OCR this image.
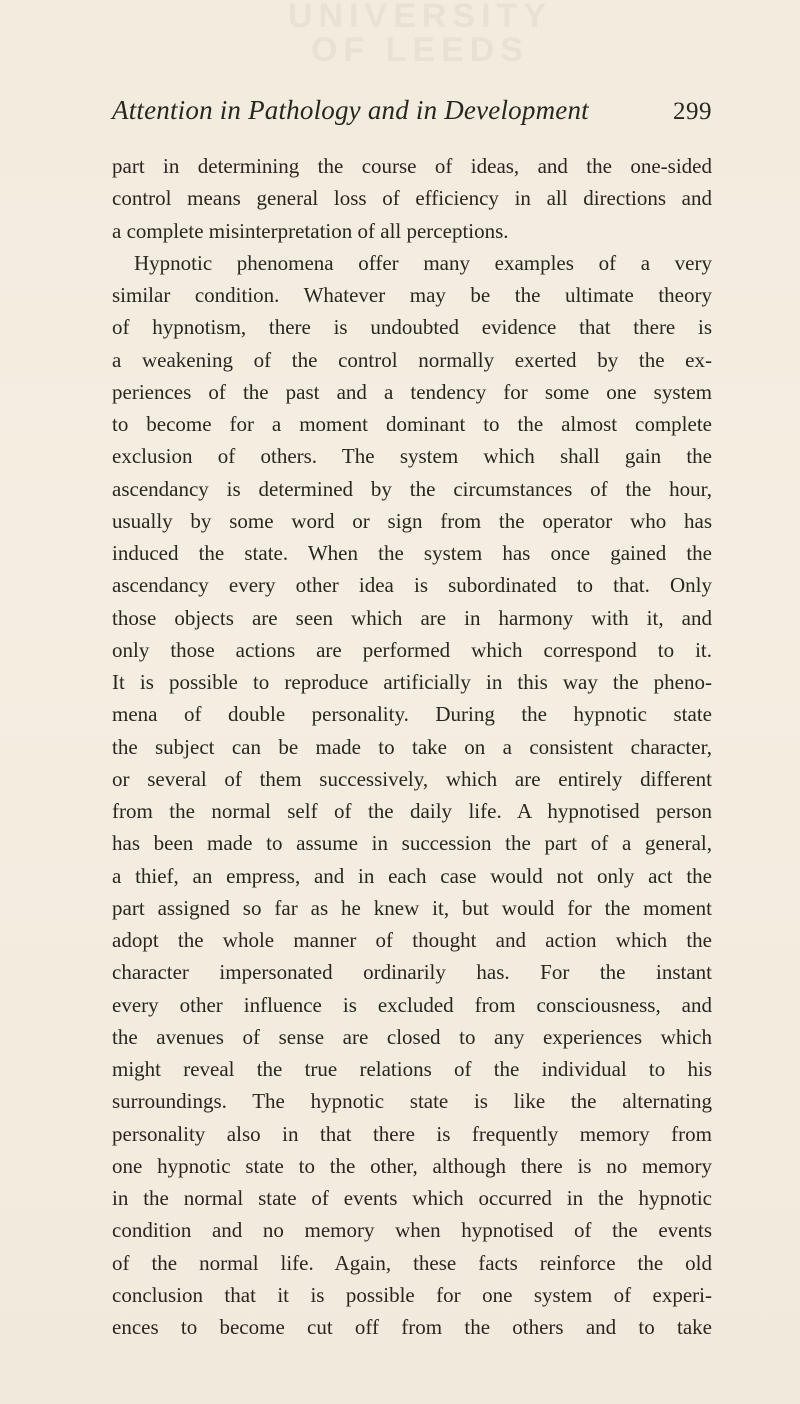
UNIVERSITY
OF LEEDS
Attention in Pathology and in Development	299
part in determining the course of ideas, and the one-sided
control means general loss of efficiency in all directions and
a complete misinterpretation of all perceptions.
Hypnotic phenomena offer many examples of a very
similar condition. Whatever may be the ultimate theory
of hypnotism, there is undoubted evidence that there is
a weakening of the control normally exerted by the ex-
periences of the past and a tendency for some one system
to become for a moment dominant to the almost complete
exclusion of others. The system which shall gain the
ascendancy is determined by the circumstances of the hour,
usually by some word or sign from the operator who has
induced the state. When the system has once gained the
ascendancy every other idea is subordinated to that. Only
those objects are seen which are in harmony with it, and
only those actions are performed which correspond to it.
It is possible to reproduce artificially in this way the pheno-
mena of double personality. During the hypnotic state
the subject can be made to take on a consistent character,
or several of them successively, which are entirely different
from the normal self of the daily life. A hypnotised person
has been made to assume in succession the part of a general,
a thief, an empress, and in each case would not only act the
part assigned so far as he knew it, but would for the moment
adopt the whole manner of thought and action which the
character impersonated ordinarily has. For the instant
every other influence is excluded from consciousness, and
the avenues of sense are closed to any experiences which
might reveal the true relations of the individual to his
surroundings. The hypnotic state is like the alternating
personality also in that there is frequently memory from
one hypnotic state to the other, although there is no memory
in the normal state of events which occurred in the hypnotic
condition and no memory when hypnotised of the events
of the normal life. Again, these facts reinforce the old
conclusion that it is possible for one system of experi-
ences to become cut off from the others and to take
